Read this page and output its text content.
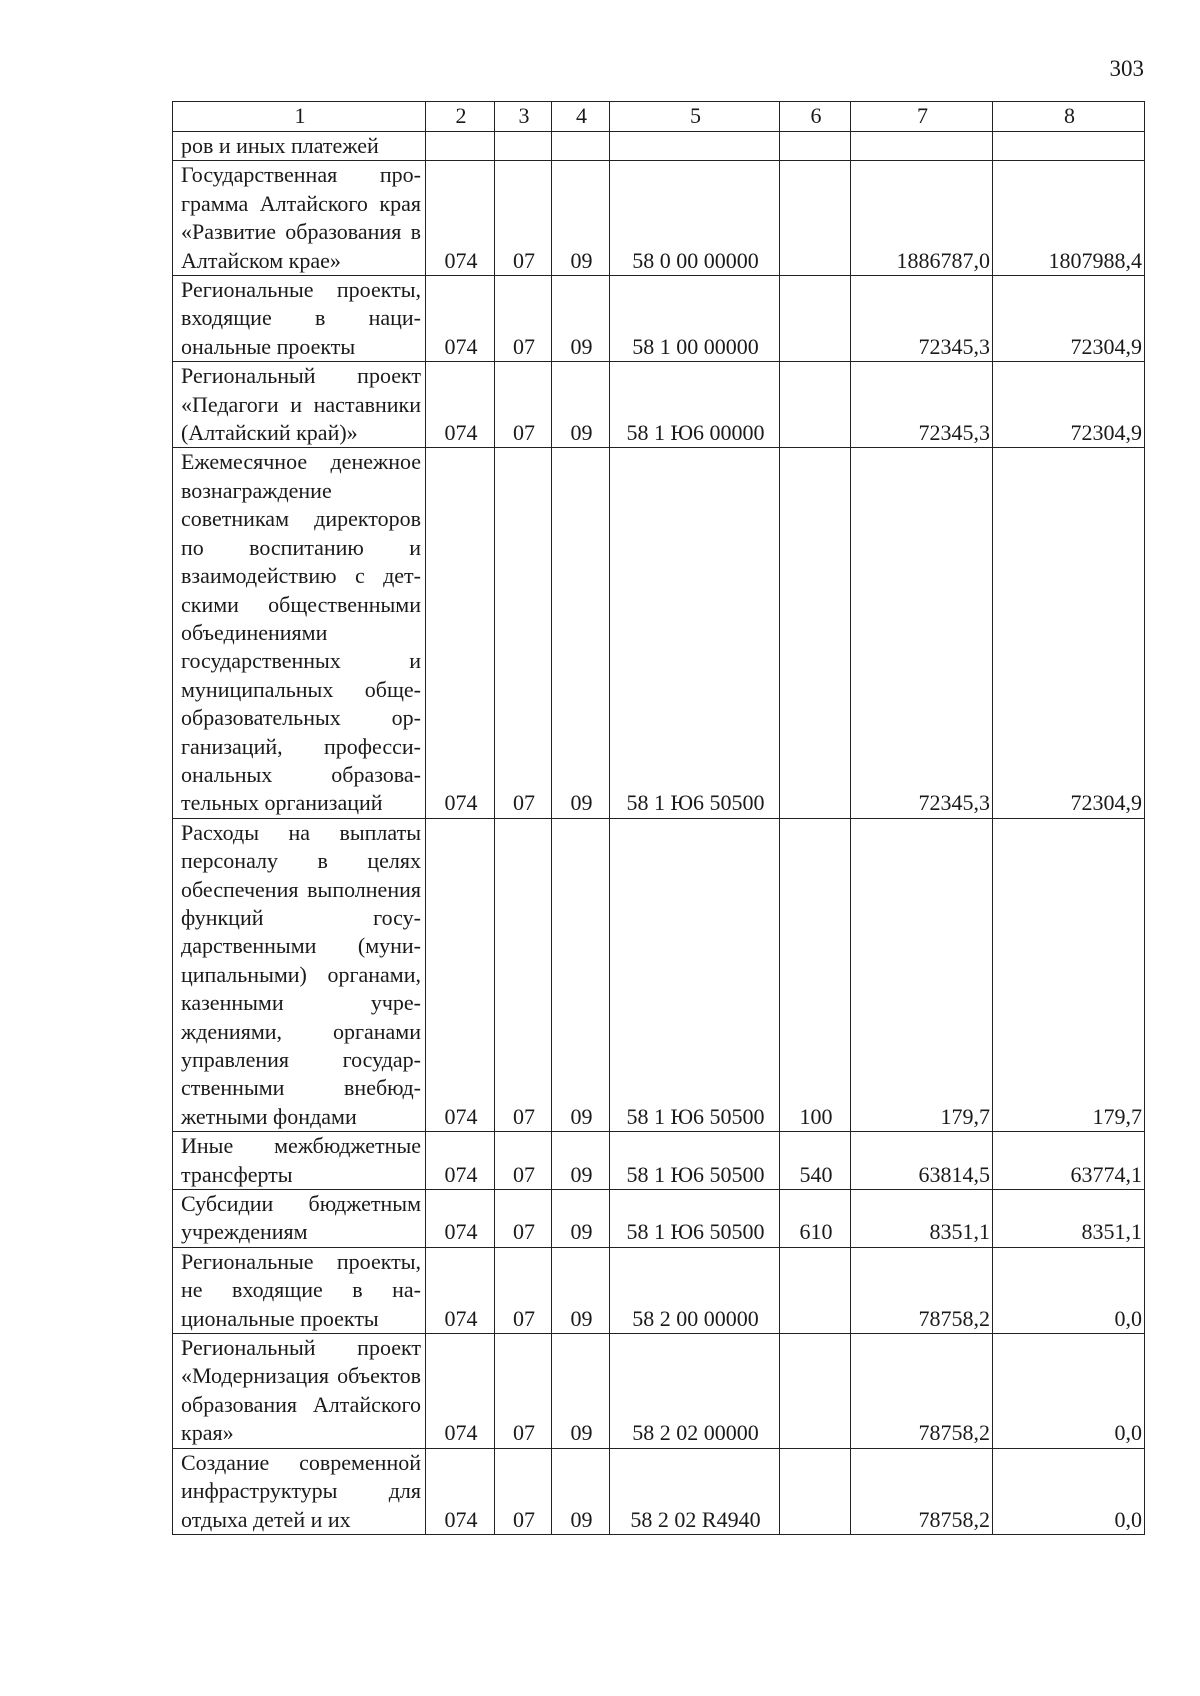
303
1	2	3	4	5	6	7	8
ров и иных платежей							
Государственная программа Алтайского края «Развитие образования в Алтайском крае»	074	07	09	58 0 00 00000		1886787,0	1807988,4
Региональные проекты, входящие в национальные проекты	074	07	09	58 1 00 00000		72345,3	72304,9
Региональный проект «Педагоги и наставники (Алтайский край)»	074	07	09	58 1 Ю6 00000		72345,3	72304,9
Ежемесячное денежное вознаграждение советникам директоров по воспитанию и взаимодействию с детскими общественными объединениями государственных и муниципальных общеобразовательных организаций, профессиональных образовательных организаций	074	07	09	58 1 Ю6 50500		72345,3	72304,9
Расходы на выплаты персоналу в целях обеспечения выполнения функций государственными (муниципальными) органами, казенными учреждениями, органами управления государственными внебюджетными фондами	074	07	09	58 1 Ю6 50500	100	179,7	179,7
Иные межбюджетные трансферты	074	07	09	58 1 Ю6 50500	540	63814,5	63774,1
Субсидии бюджетным учреждениям	074	07	09	58 1 Ю6 50500	610	8351,1	8351,1
Региональные проекты, не входящие в национальные проекты	074	07	09	58 2 00 00000		78758,2	0,0
Региональный проект «Модернизация объектов образования Алтайского края»	074	07	09	58 2 02 00000		78758,2	0,0
Создание современной инфраструктуры для отдыха детей и их	074	07	09	58 2 02 R4940		78758,2	0,0
